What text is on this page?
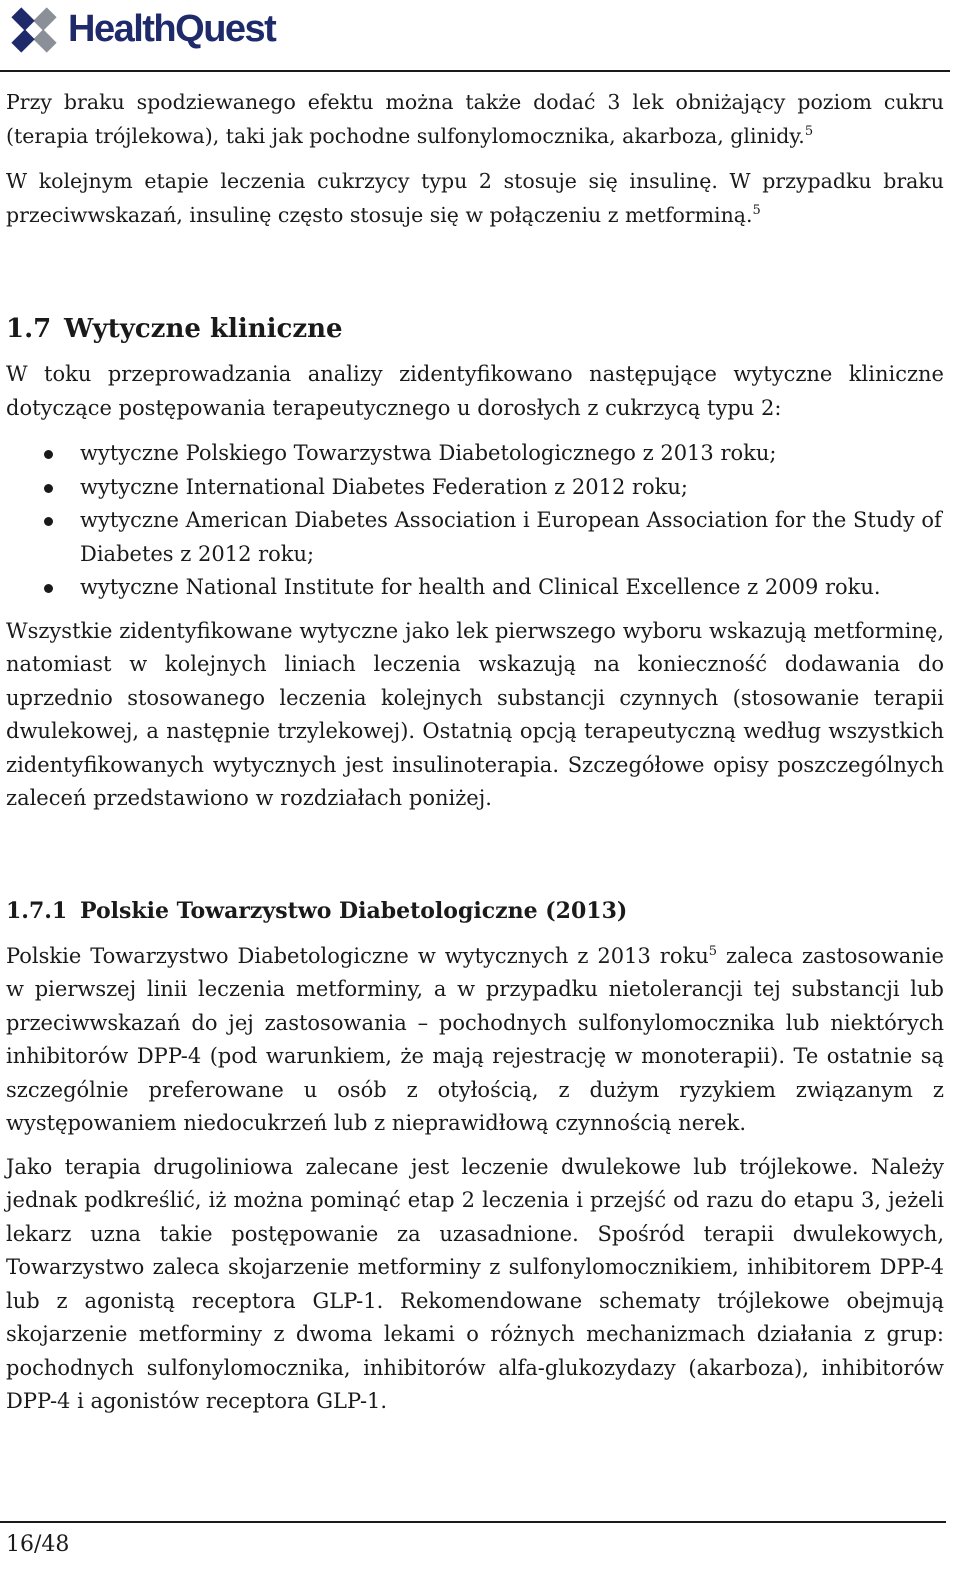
HealthQuest

Przy braku spodziewanego efektu można także dodać 3 lek obniżający poziom cukru (terapia trójlekowa), taki jak pochodne sulfonylomocznika, akarboza, glinidy.$^5$

W kolejnym etapie leczenia cukrzycy typu 2 stosuje się insulinę. W przypadku braku przeciwwskazań, insulinę często stosuje się w połączeniu z metforminą.$^5$

1.7 Wytyczne kliniczne

W toku przeprowadzania analizy zidentyfikowano następujące wytyczne kliniczne dotyczące postępowania terapeutycznego u dorosłych z cukrzycą typu 2:

wytyczne Polskiego Towarzystwa Diabetologicznego z 2013 roku;
wytyczne International Diabetes Federation z 2012 roku;
wytyczne American Diabetes Association i European Association for the Study of Diabetes z 2012 roku;
wytyczne National Institute for health and Clinical Excellence z 2009 roku.

Wszystkie zidentyfikowane wytyczne jako lek pierwszego wyboru wskazują metforminę, natomiast w kolejnych liniach leczenia wskazują na konieczność dodawania do uprzednio stosowanego leczenia kolejnych substancji czynnych (stosowanie terapii dwulekowej, a następnie trzylekowej). Ostatnią opcją terapeutyczną według wszystkich zidentyfikowanych wytycznych jest insulinoterapia. Szczegółowe opisy poszczególnych zaleceń przedstawiono w rozdziałach poniżej.

1.7.1 Polskie Towarzystwo Diabetologiczne (2013)

Polskie Towarzystwo Diabetologiczne w wytycznych z 2013 roku$^5$ zaleca zastosowanie w pierwszej linii leczenia metforminy, a w przypadku nietolerancji tej substancji lub przeciwwskazań do jej zastosowania – pochodnych sulfonylomocznika lub niektórych inhibitorów DPP-4 (pod warunkiem, że mają rejestrację w monoterapii). Te ostatnie są szczególnie preferowane u osób z otyłością, z dużym ryzykiem związanym z występowaniem niedocukrzeń lub z nieprawidłową czynnością nerek.

Jako terapia drugoliniowa zalecane jest leczenie dwulekowe lub trójlekowe. Należy jednak podkreślić, iż można pominąć etap 2 leczenia i przejść od razu do etapu 3, jeżeli lekarz uzna takie postępowanie za uzasadnione. Spośród terapii dwulekowych, Towarzystwo zaleca skojarzenie metforminy z sulfonylomocznikiem, inhibitorem DPP-4 lub z agonistą receptora GLP-1. Rekomendowane schematy trójlekowe obejmują skojarzenie metforminy z dwoma lekami o różnych mechanizmach działania z grup: pochodnych sulfonylomocznika, inhibitorów alfa-glukozydazy (akarboza), inhibitorów DPP-4 i agonistów receptora GLP-1.

16/48
